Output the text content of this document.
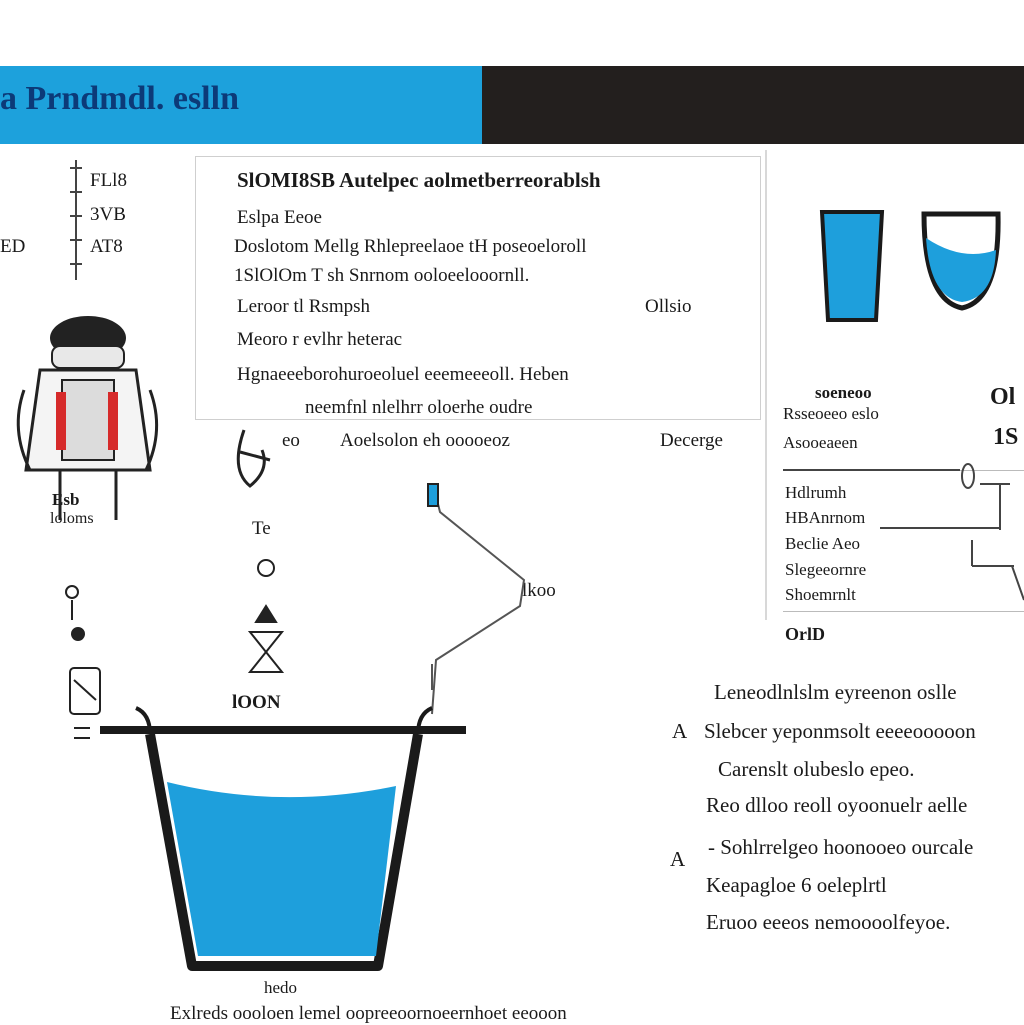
a Prndmdl. eslln
FLl8
3VB
AT8
ED
SlOMI8SB Autelpec aolmetberreorablsh
Eslpa Eeoe
Doslotom Mellg Rhlepreelaoe tH poseoeloroll
1SlOlOm T sh Snrnom ooloeelooornll.
Leroor tl Rsmpsh	Ollsio
Meoro r evlhr heterac
Hgnaeeeborohuroeoluel eeemeeeoll. Heben
neemfnl nlelhrr oloerhe oudre
eo Aoelsolon eh ooooeoz	Decerge
Te
lOON
lkoo
hedo
Exlreds oooloen lemel oopreeoornoeernhoet eeooon
Esb
loloms
soeneoo
Rsseoeeo eslo
Asooeaeen
Ol
1S
Hdlrumh
HBAnrnom
Beclie Aeo
Slegeeornre
Shoemrnlt
OrlD
Leneodlnlslm eyreenon oslle
Slebcer yeponmsolt eeeeooooon
Carenslt olubeslo epeo.
Reo dlloo reoll oyoonuelr aelle
- Sohlrrelgeo hoonooeo ourcale
Keapagloe 6 oeleplrtl
Eruoo eeeos nemoooolfeyoe.
A
A
